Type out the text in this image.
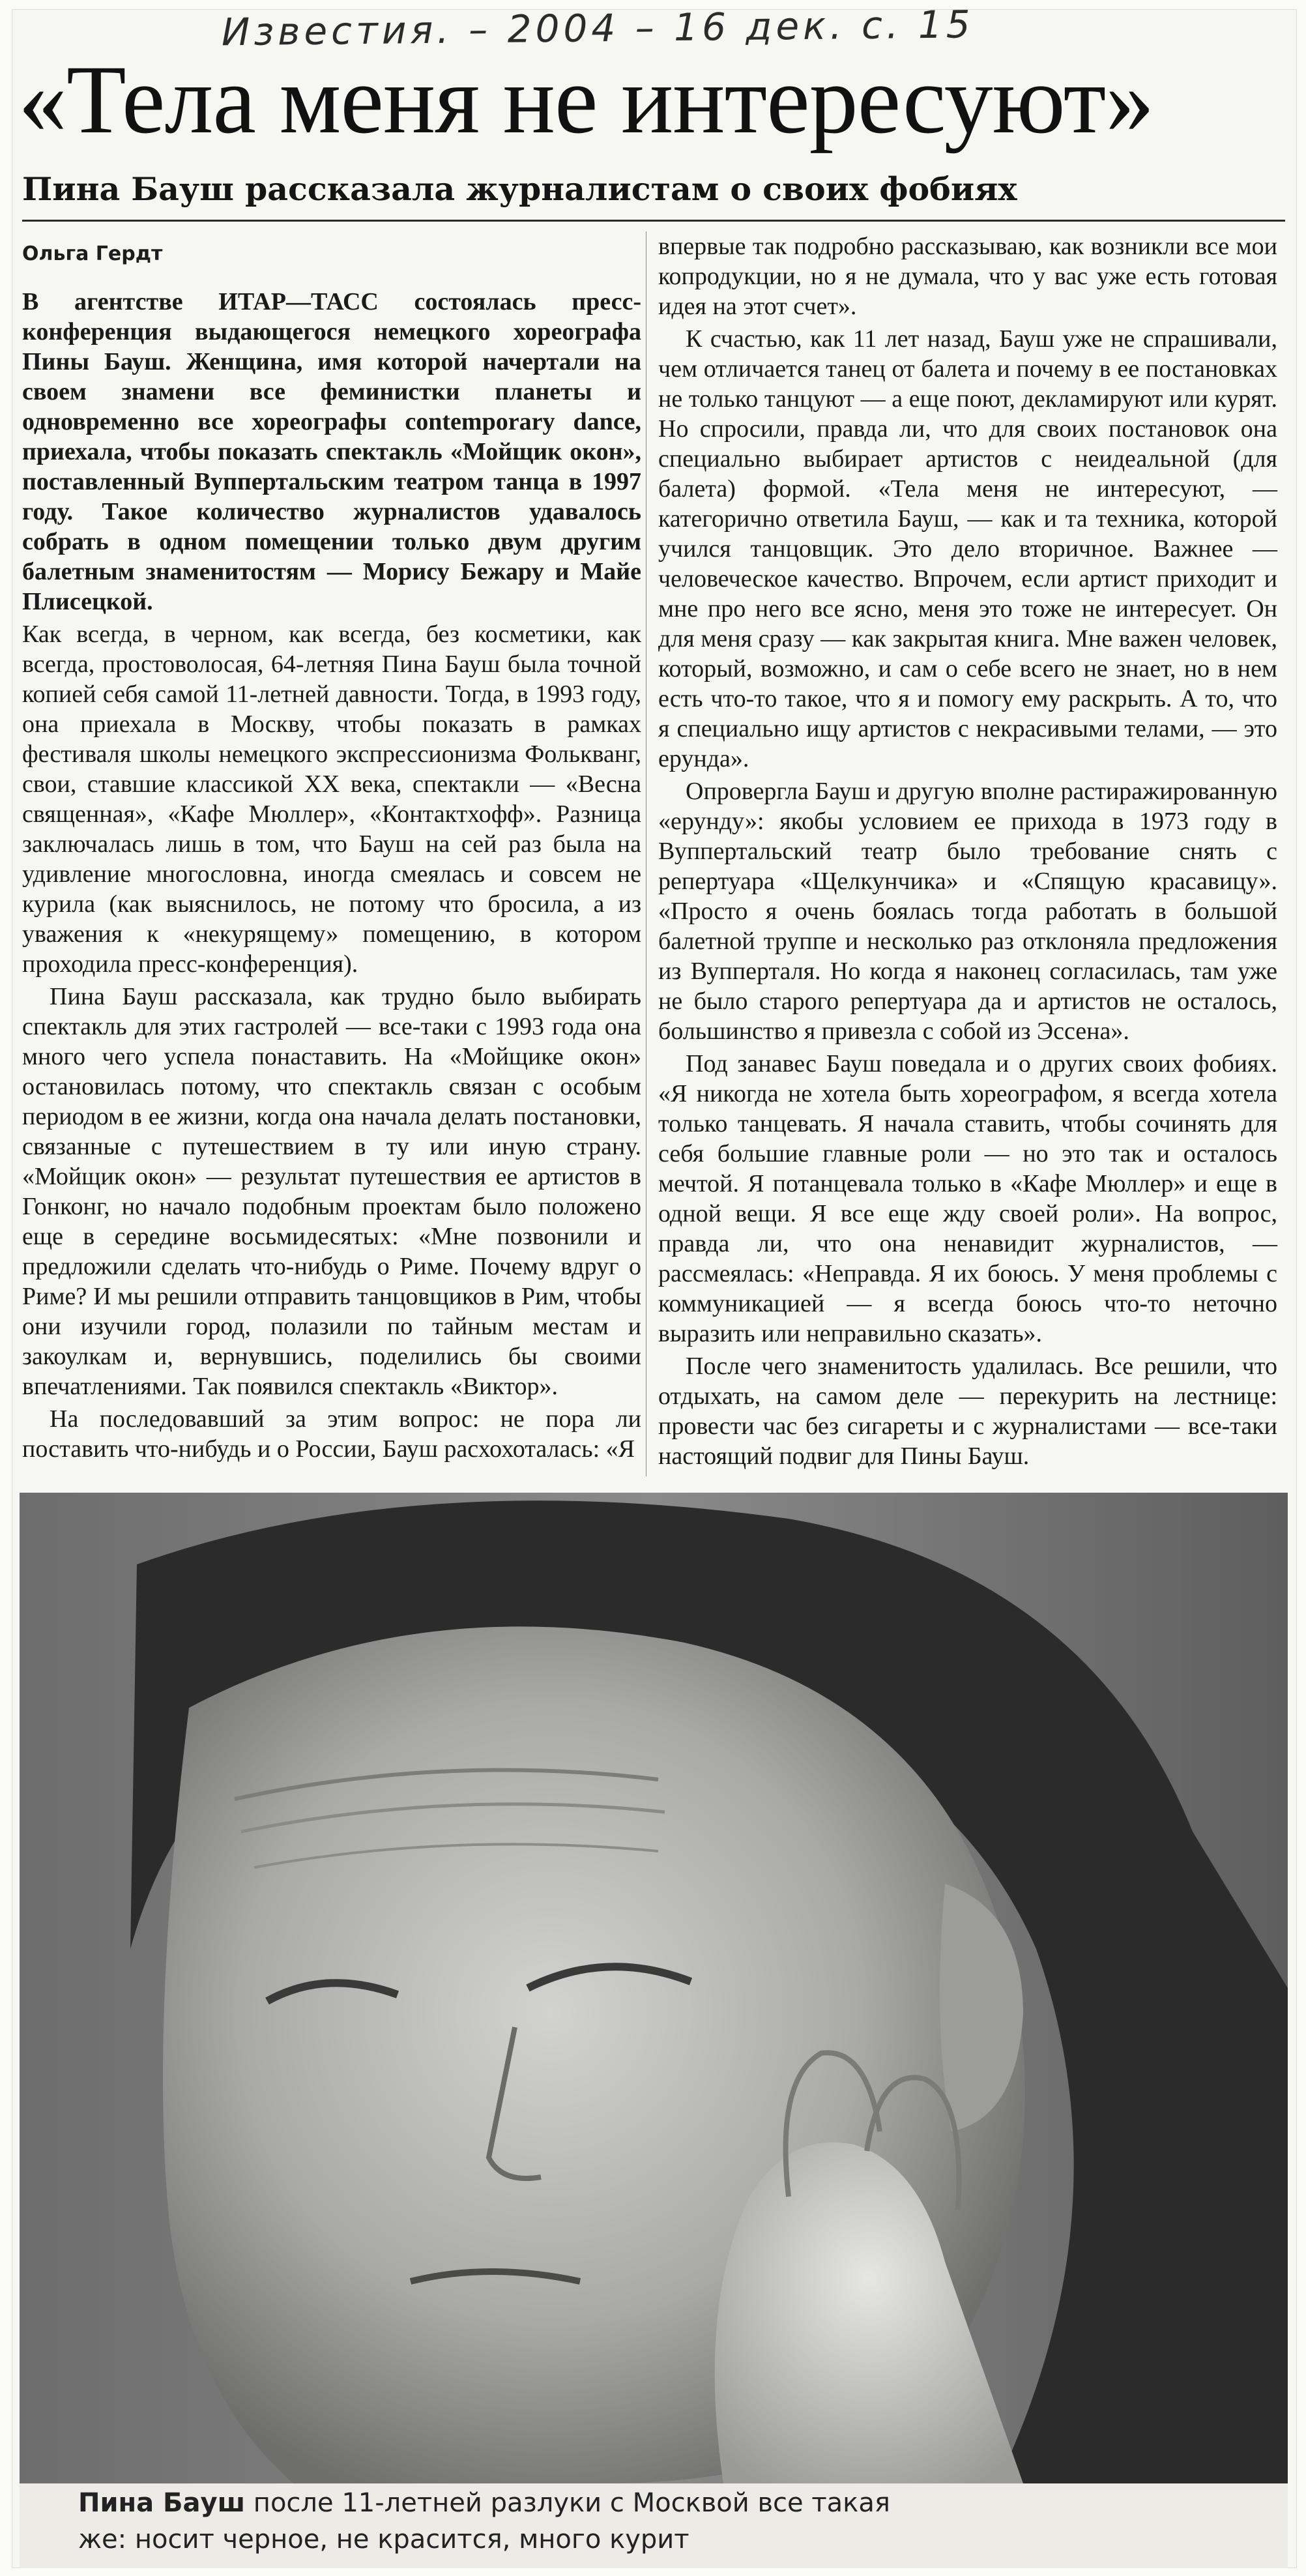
Известия. – 2004 – 16 дек. с. 15
«Тела меня не интересуют»
Пина Бауш рассказала журналистам о своих фобиях
Ольга Гердт

В агентстве ИТАР—ТАСС состоялась пресс-конференция выдающегося немецкого хореографа Пины Бауш. Женщина, имя которой начертали на своем знамени все феминистки планеты и одновременно все хореографы contemporary dance, приехала, чтобы показать спектакль «Мойщик окон», поставленный Вуппертальским театром танца в 1997 году. Такое количество журналистов удавалось собрать в одном помещении только двум другим балетным знаменитостям — Морису Бежару и Майе Плисецкой.

Как всегда, в черном, как всегда, без косметики, как всегда, простоволосая, 64-летняя Пина Бауш была точной копией себя самой 11-летней давности. Тогда, в 1993 году, она приехала в Москву, чтобы показать в рамках фестиваля школы немецкого экспрессионизма Фолькванг, свои, ставшие классикой XX века, спектакли — «Весна священная», «Кафе Мюллер», «Контактхофф». Разница заключалась лишь в том, что Бауш на сей раз была на удивление многословна, иногда смеялась и совсем не курила (как выяснилось, не потому что бросила, а из уважения к «некурящему» помещению, в котором проходила пресс-конференция).

Пина Бауш рассказала, как трудно было выбирать спектакль для этих гастролей — все-таки с 1993 года она много чего успела понаставить. На «Мойщике окон» остановилась потому, что спектакль связан с особым периодом в ее жизни, когда она начала делать постановки, связанные с путешествием в ту или иную страну. «Мойщик окон» — результат путешествия ее артистов в Гонконг, но начало подобным проектам было положено еще в середине восьмидесятых: «Мне позвонили и предложили сделать что-нибудь о Риме. Почему вдруг о Риме? И мы решили отправить танцовщиков в Рим, чтобы они изучили город, полазили по тайным местам и закоулкам и, вернувшись, поделились бы своими впечатлениями. Так появился спектакль «Виктор».

На последовавший за этим вопрос: не пора ли поставить что-нибудь и о России, Бауш расхохоталась: «Я

впервые так подробно рассказываю, как возникли все мои копродукции, но я не думала, что у вас уже есть готовая идея на этот счет».

К счастью, как 11 лет назад, Бауш уже не спрашивали, чем отличается танец от балета и почему в ее постановках не только танцуют — а еще поют, декламируют или курят. Но спросили, правда ли, что для своих постановок она специально выбирает артистов с неидеальной (для балета) формой. «Тела меня не интересуют, — категорично ответила Бауш, — как и та техника, которой учился танцовщик. Это дело вторичное. Важнее — человеческое качество. Впрочем, если артист приходит и мне про него все ясно, меня это тоже не интересует. Он для меня сразу — как закрытая книга. Мне важен человек, который, возможно, и сам о себе всего не знает, но в нем есть что-то такое, что я и помогу ему раскрыть. А то, что я специально ищу артистов с некрасивыми телами, — это ерунда».

Опровергла Бауш и другую вполне растиражированную «ерунду»: якобы условием ее прихода в 1973 году в Вуппертальский театр было требование снять с репертуара «Щелкунчика» и «Спящую красавицу». «Просто я очень боялась тогда работать в большой балетной труппе и несколько раз отклоняла предложения из Вупперталя. Но когда я наконец согласилась, там уже не было старого репертуара да и артистов не осталось, большинство я привезла с собой из Эссена».

Под занавес Бауш поведала и о других своих фобиях. «Я никогда не хотела быть хореографом, я всегда хотела только танцевать. Я начала ставить, чтобы сочинять для себя большие главные роли — но это так и осталось мечтой. Я потанцевала только в «Кафе Мюллер» и еще в одной вещи. Я все еще жду своей роли». На вопрос, правда ли, что она ненавидит журналистов, — рассмеялась: «Неправда. Я их боюсь. У меня проблемы с коммуникацией — я всегда боюсь что-то неточно выразить или неправильно сказать».

После чего знаменитость удалилась. Все решили, что отдыхать, на самом деле — перекурить на лестнице: провести час без сигареты и с журналистами — все-таки настоящий подвиг для Пины Бауш.

Пина Бауш после 11-летней разлуки с Москвой все такая же: носит черное, не красится, много курит
